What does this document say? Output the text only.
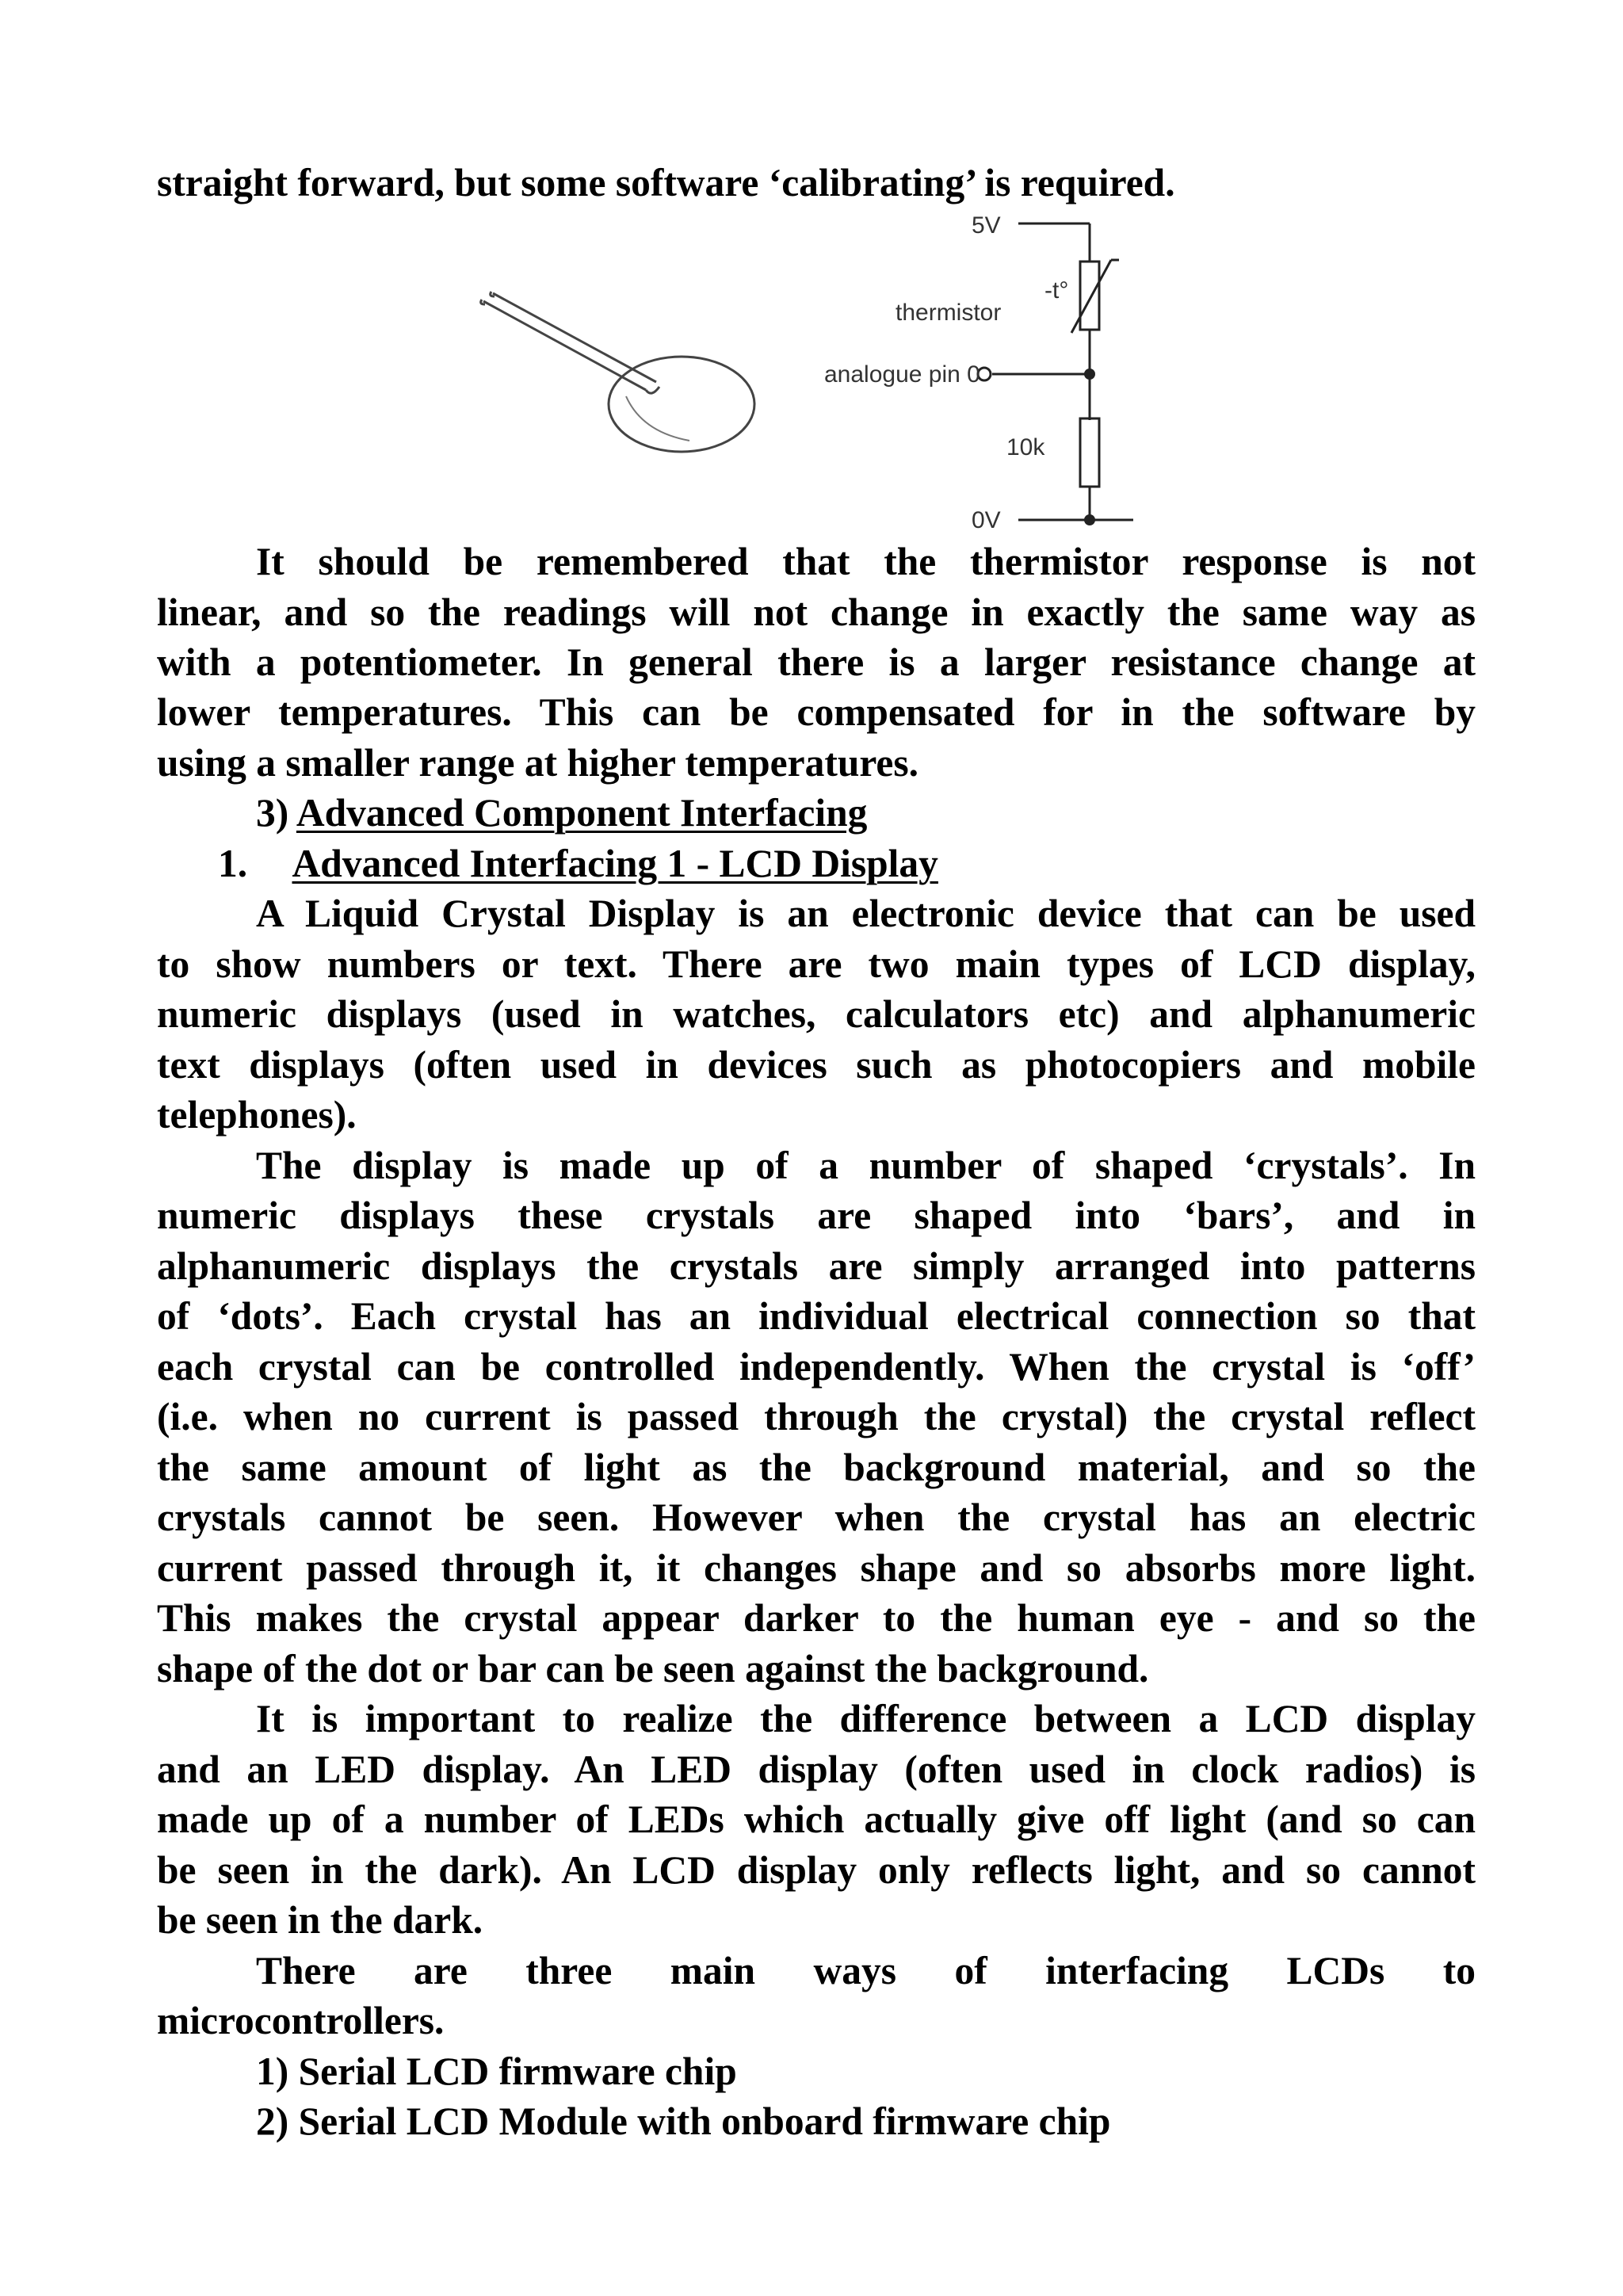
straight forward, but some software ‘calibrating’ is required.
5V
thermistor
-t°
analogue pin 0
10k
0V
It should be remembered that the thermistor response is not
linear, and so the readings will not change in exactly the same way as
with a potentiometer. In general there is a larger resistance change at
lower temperatures. This can be compensated for in the software by
using a smaller range at higher temperatures.
3) Advanced Component Interfacing
1. Advanced Interfacing 1 - LCD Display
A Liquid Crystal Display is an electronic device that can be used
to show numbers or text. There are two main types of LCD display,
numeric displays (used in watches, calculators etc) and alphanumeric
text displays (often used in devices such as photocopiers and mobile
telephones).
The display is made up of a number of shaped ‘crystals’. In
numeric displays these crystals are shaped into ‘bars’, and in
alphanumeric displays the crystals are simply arranged into patterns
of ‘dots’. Each crystal has an individual electrical connection so that
each crystal can be controlled independently. When the crystal is ‘off’
(i.e. when no current is passed through the crystal) the crystal reflect
the same amount of light as the background material, and so the
crystals cannot be seen. However when the crystal has an electric
current passed through it, it changes shape and so absorbs more light.
This makes the crystal appear darker to the human eye - and so the
shape of the dot or bar can be seen against the background.
It is important to realize the difference between a LCD display
and an LED display. An LED display (often used in clock radios) is
made up of a number of LEDs which actually give off light (and so can
be seen in the dark). An LCD display only reflects light, and so cannot
be seen in the dark.
There are three main ways of interfacing LCDs to
microcontrollers.
1) Serial LCD firmware chip
2) Serial LCD Module with onboard firmware chip
